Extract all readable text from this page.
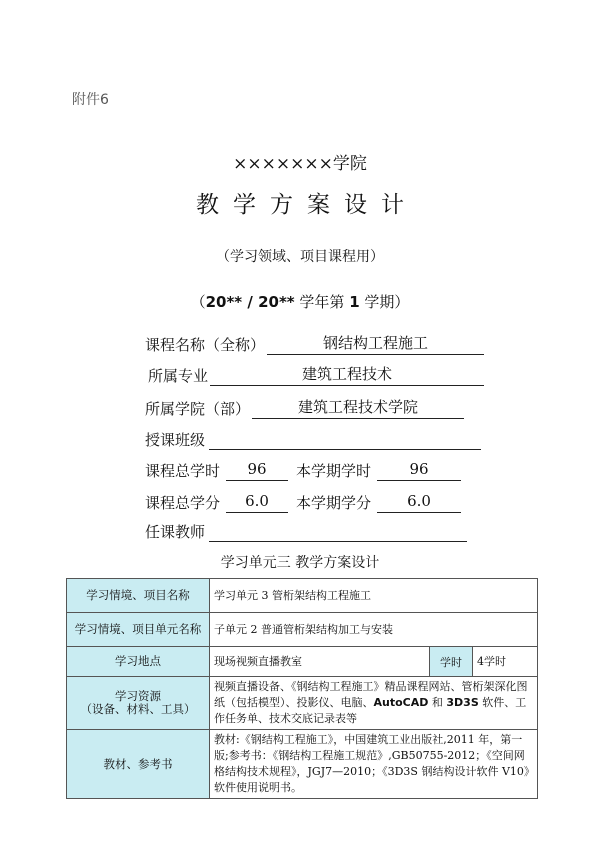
附件6
×××××××学院
教学方案设计
（学习领域、项目课程用）
（20** / 20** 学年第 1 学期）
课程名称（全称）	钢结构工程施工
所属专业	建筑工程技术
所属学院（部）	建筑工程技术学院
授课班级
课程总学时	96	本学期学时	96
课程总学分	6.0	本学期学分	6.0
任课教师
学习单元三 教学方案设计
学习情境、项目名称	学习单元 3 管桁架结构工程施工		
学习情境、项目单元名称	子单元 2 普通管桁架结构加工与安装		
学习地点	现场视频直播教室	学时	4学时
学习资源
（设备、材料、工具）	视频直播设备、《钢结构工程施工》精品课程网站、管桁架深化图纸（包括模型）、投影仪、电脑、AutoCAD 和 3D3S 软件、工作任务单、技术交底记录表等		
教材、参考书	教材:《钢结构工程施工》，中国建筑工业出版社,2011 年，第一版;参考书：《钢结构工程施工规范》,GB50755-2012；《空间网格结构技术规程》，JGJ7—2010；《3D3S 钢结构设计软件 V10》软件使用说明书。		
